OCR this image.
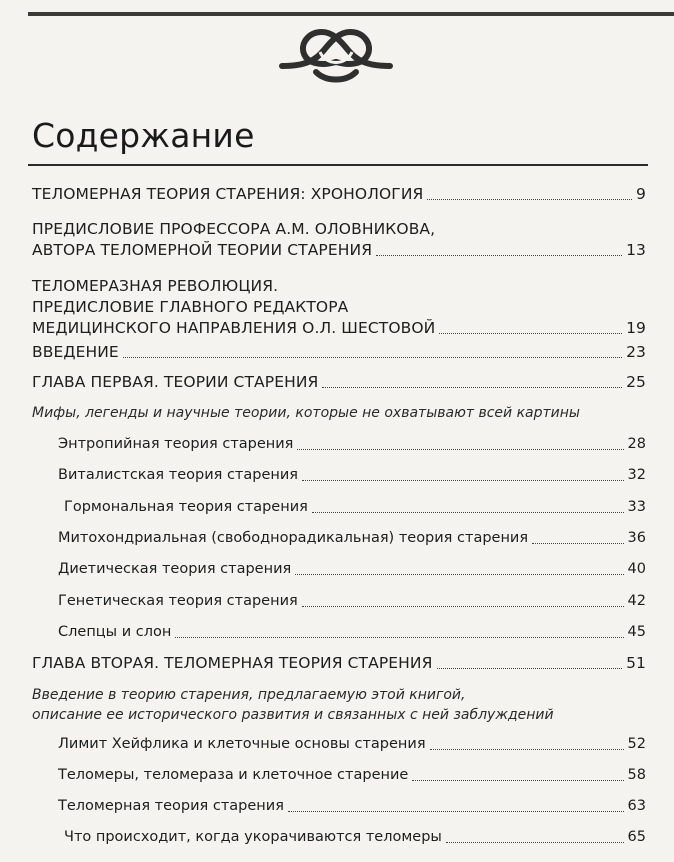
Содержание
ТЕЛОМЕРНАЯ ТЕОРИЯ СТАРЕНИЯ: ХРОНОЛОГИЯ	9
ПРЕДИСЛОВИЕ ПРОФЕССОРА А.М. ОЛОВНИКОВА,
АВТОРА ТЕЛОМЕРНОЙ ТЕОРИИ СТАРЕНИЯ	13
ТЕЛОМЕРАЗНАЯ РЕВОЛЮЦИЯ.
ПРЕДИСЛОВИЕ ГЛАВНОГО РЕДАКТОРА
МЕДИЦИНСКОГО НАПРАВЛЕНИЯ О.Л. ШЕСТОВОЙ	19
ВВЕДЕНИЕ	23
ГЛАВА ПЕРВАЯ. ТЕОРИИ СТАРЕНИЯ	25
Мифы, легенды и научные теории, которые не охватывают всей картины
Энтропийная теория старения	28
Виталистская теория старения	32
Гормональная теория старения	33
Митохондриальная (свободнорадикальная) теория старения	36
Диетическая теория старения	40
Генетическая теория старения	42
Слепцы и слон	45
ГЛАВА ВТОРАЯ. ТЕЛОМЕРНАЯ ТЕОРИЯ СТАРЕНИЯ	51
Введение в теорию старения, предлагаемую этой книгой,
описание ее исторического развития и связанных с ней заблуждений
Лимит Хейфлика и клеточные основы старения	52
Теломеры, теломераза и клеточное старение	58
Теломерная теория старения	63
Что происходит, когда укорачиваются теломеры	65
